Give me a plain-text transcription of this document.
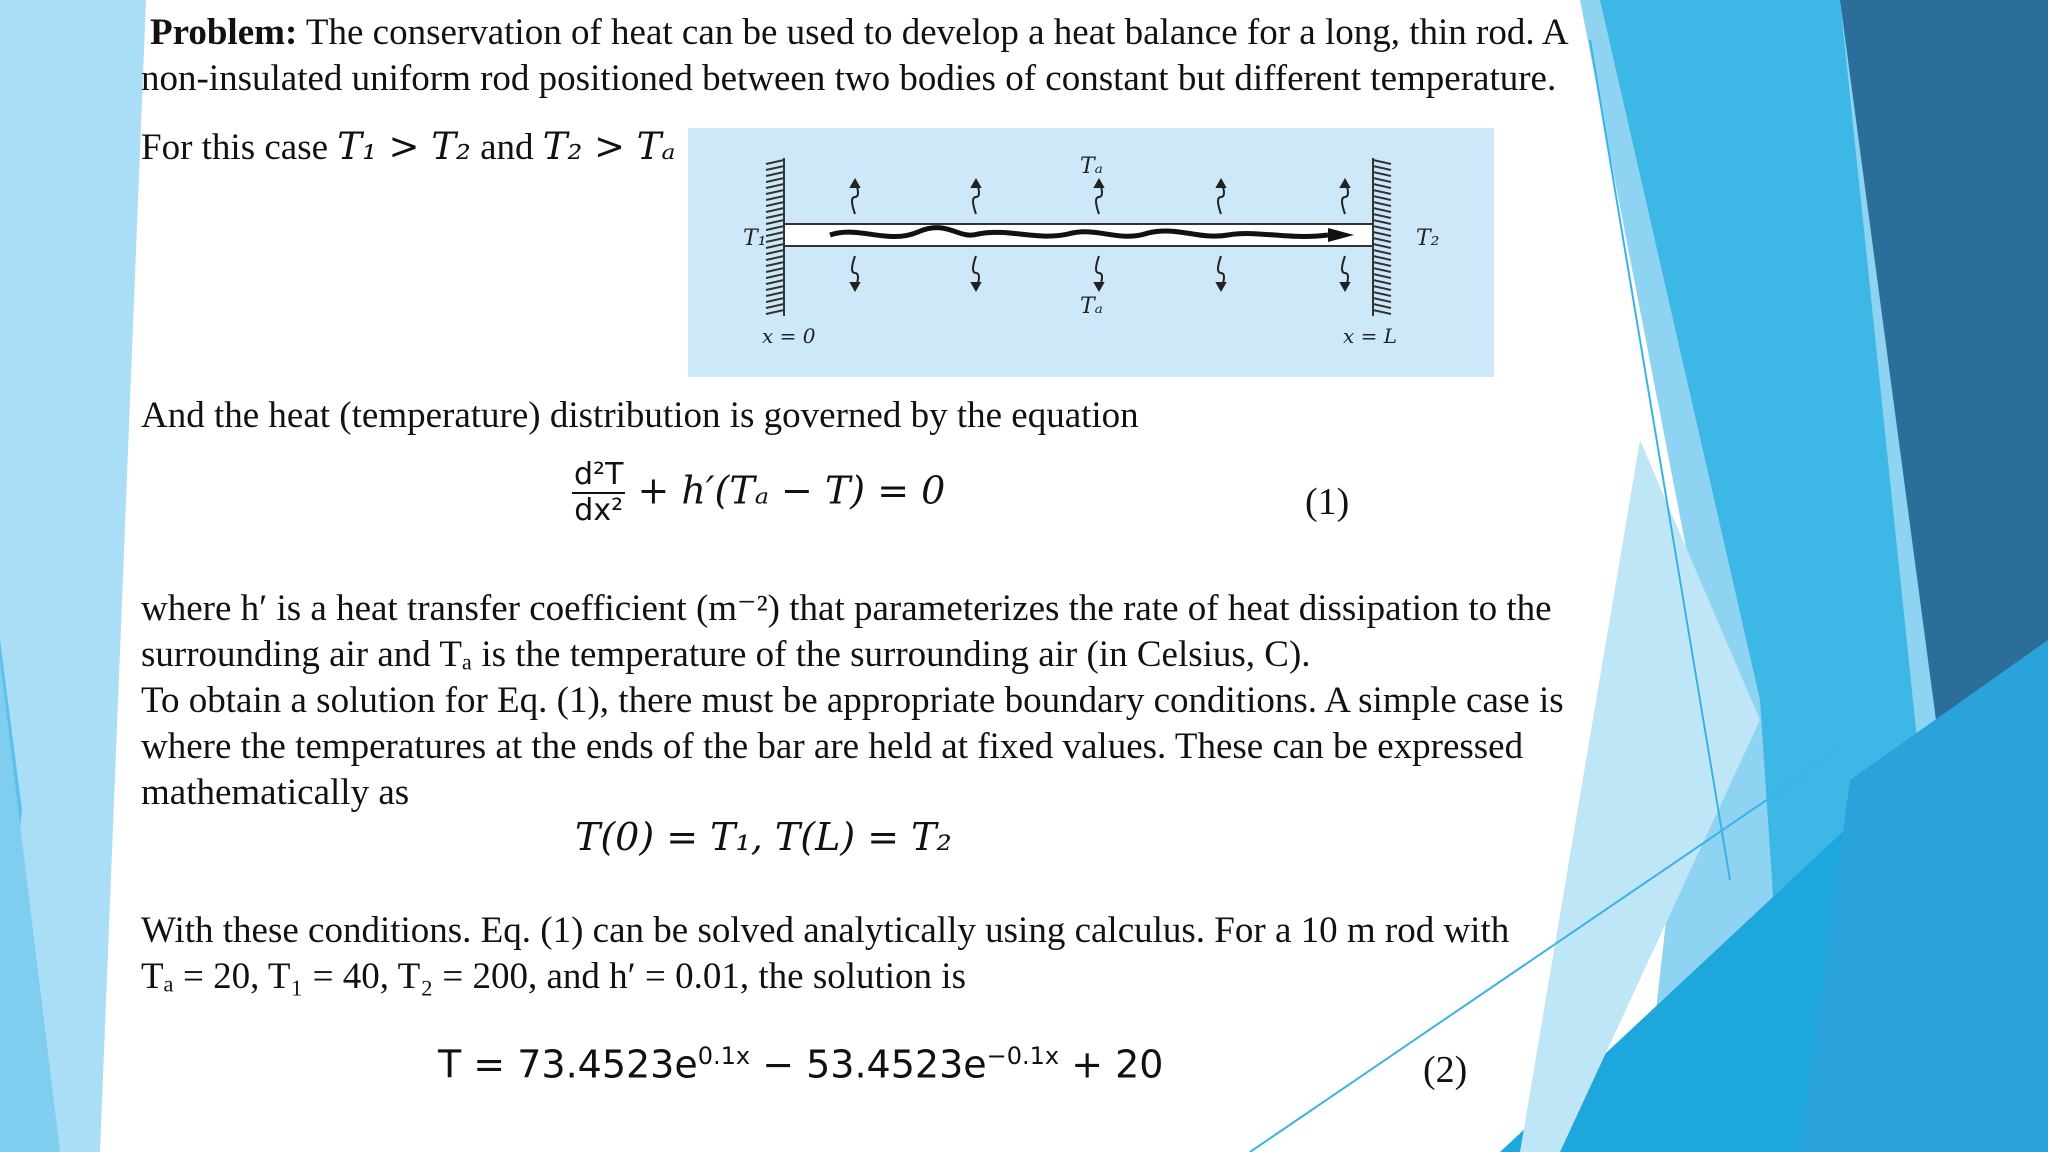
Problem: The conservation of heat can be used to develop a heat balance for a long, thin rod. A
non-insulated uniform rod positioned between two bodies of constant but different temperature.
For this case T₁ > T₂ and T₂ > Tₐ
T₁	T₂
Tₐ
Tₐ
x = 0	x = L
And the heat (temperature) distribution is governed by the equation
$\frac{\text{d²T}}{\text{dx²}} + h'(T_a - T) = 0$	(1)
where h′ is a heat transfer coefficient (m⁻²) that parameterizes the rate of heat dissipation to the
surrounding air and Tₐ is the temperature of the surrounding air (in Celsius, C).
To obtain a solution for Eq. (1), there must be appropriate boundary conditions. A simple case is
where the temperatures at the ends of the bar are held at fixed values. These can be expressed
mathematically as
T(0) = T₁, T(L) = T₂
With these conditions. Eq. (1) can be solved analytically using calculus. For a 10 m rod with
Tₐ = 20, T₁ = 40, T₂ = 200, and h′ = 0.01, the solution is
$T = 73.4523e^{0.1x} - 53.4523e^{-0.1x} + 20$	(2)
